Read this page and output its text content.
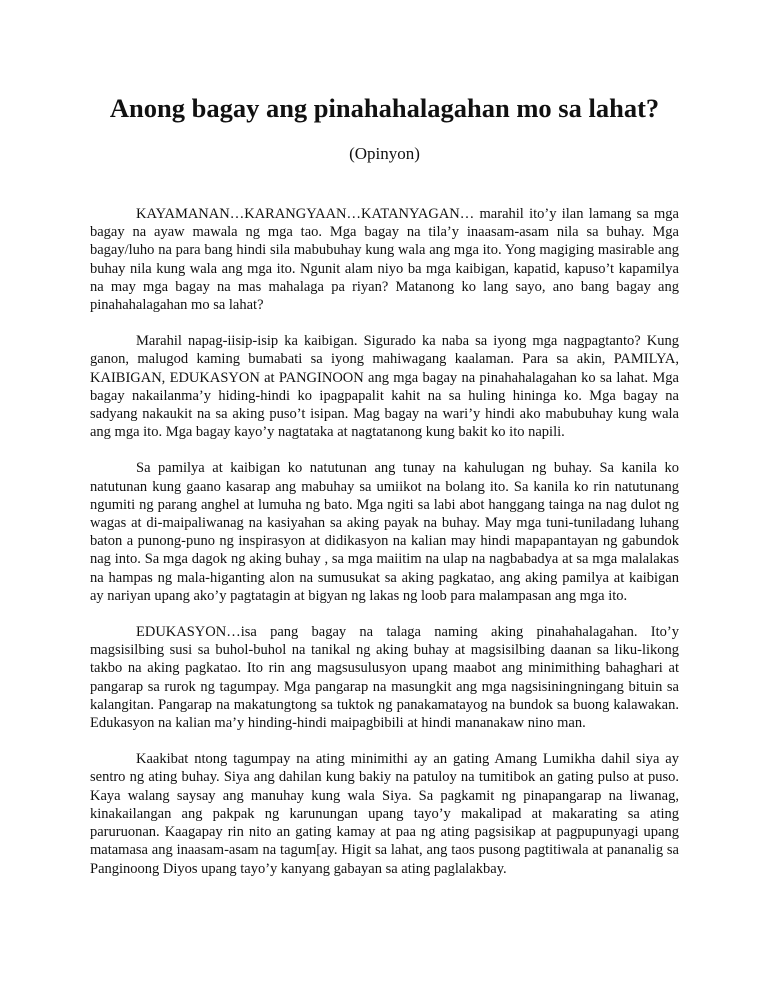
Anong bagay ang pinahahalagahan mo sa lahat?
(Opinyon)

KAYAMANAN…KARANGYAAN…KATANYAGAN… marahil ito’y ilan lamang sa mga bagay na ayaw mawala ng mga tao. Mga bagay na tila’y inaasam-asam nila sa buhay. Mga bagay/luho na para bang hindi sila mabubuhay kung wala ang mga ito. Yong magiging masirable ang buhay nila kung wala ang mga ito. Ngunit alam niyo ba mga kaibigan, kapatid, kapuso’t kapamilya na may mga bagay na mas mahalaga pa riyan? Matanong ko lang sayo, ano bang bagay ang pinahahalagahan mo sa lahat?

Marahil napag-iisip-isip ka kaibigan. Sigurado ka naba sa iyong mga nagpagtanto? Kung ganon, malugod kaming bumabati sa iyong mahiwagang kaalaman. Para sa akin, PAMILYA, KAIBIGAN, EDUKASYON at PANGINOON ang mga bagay na pinahahalagahan ko sa lahat. Mga bagay nakailanma’y hiding-hindi ko ipagpapalit kahit na sa huling hininga ko. Mga bagay na sadyang nakaukit na sa aking puso’t isipan. Mag bagay na wari’y hindi ako mabubuhay kung wala ang mga ito. Mga bagay kayo’y nagtataka at nagtatanong kung bakit ko ito napili.

Sa pamilya at kaibigan ko natutunan ang tunay na kahulugan ng buhay. Sa kanila ko natutunan kung gaano kasarap ang mabuhay sa umiikot na bolang ito. Sa kanila ko rin natutunang ngumiti ng parang anghel at lumuha ng bato. Mga ngiti sa labi abot hanggang tainga na nag dulot ng wagas at di-maipaliwanag na kasiyahan sa aking payak na buhay. May mga tuni-tuniladang luhang baton a punong-puno ng inspirasyon at didikasyon na kalian may hindi mapapantayan ng gabundok nag into. Sa mga dagok ng aking buhay , sa mga maiitim na ulap na nagbabadya at sa mga malalakas na hampas ng mala-higanting alon na sumusukat sa aking pagkatao, ang aking pamilya at kaibigan ay nariyan upang ako’y pagtatagin at bigyan ng lakas ng loob para malampasan ang mga ito.

EDUKASYON…isa pang bagay na talaga naming aking pinahahalagahan. Ito’y magsisilbing susi sa buhol-buhol na tanikal ng aking buhay at magsisilbing daanan sa liku-likong takbo na aking pagkatao. Ito rin ang magsusulusyon upang maabot ang minimithing bahaghari at pangarap sa rurok ng tagumpay. Mga pangarap na masungkit ang mga nagsisiningningang bituin sa kalangitan. Pangarap na makatungtong sa tuktok ng panakamatayog na bundok sa buong kalawakan. Edukasyon na kalian ma’y hinding-hindi maipagbibili at hindi mananakaw nino man.

Kaakibat ntong tagumpay na ating minimithi ay an gating Amang Lumikha dahil siya ay sentro ng ating buhay. Siya ang dahilan kung bakiy na patuloy na tumitibok an gating pulso at puso. Kaya walang saysay ang manuhay kung wala Siya. Sa pagkamit ng pinapangarap na liwanag, kinakailangan ang pakpak ng karunungan upang tayo’y makalipad at makarating sa ating paruruonan. Kaagapay rin nito an gating kamay at paa ng ating pagsisikap at pagpupunyagi upang matamasa ang inaasam-asam na tagum[ay. Higit sa lahat, ang taos pusong pagtitiwala at pananalig sa Panginoong Diyos upang tayo’y kanyang gabayan sa ating paglalakbay.
